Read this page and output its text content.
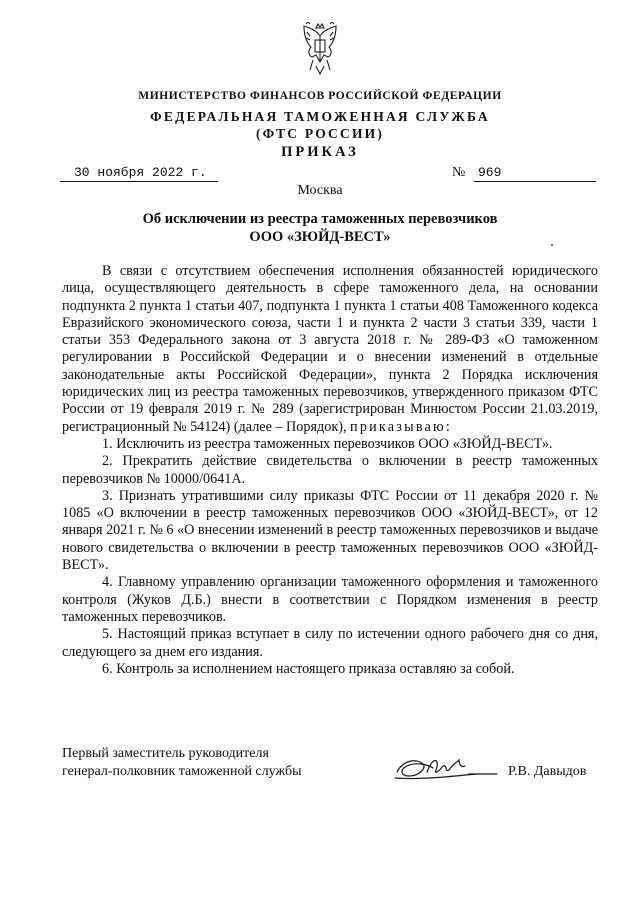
МИНИСТЕРСТВО ФИНАНСОВ РОССИЙСКОЙ ФЕДЕРАЦИИ
ФЕДЕРАЛЬНАЯ ТАМОЖЕННАЯ СЛУЖБА
(ФТС РОССИИ)
ПРИКАЗ
30 ноября 2022 г.	№ 969
Москва
Об исключении из реестра таможенных перевозчиков
ООО «ЗЮЙД-ВЕСТ»

В связи с отсутствием обеспечения исполнения обязанностей юридического лица, осуществляющего деятельность в сфере таможенного дела, на основании подпункта 2 пункта 1 статьи 407, подпункта 1 пункта 1 статьи 408 Таможенного кодекса Евразийского экономического союза, части 1 и пункта 2 части 3 статьи 339, части 1 статьи 353 Федерального закона от 3 августа 2018 г. № 289-ФЗ «О таможенном регулировании в Российской Федерации и о внесении изменений в отдельные законодательные акты Российской Федерации», пункта 2 Порядка исключения юридических лиц из реестра таможенных перевозчиков, утвержденного приказом ФТС России от 19 февраля 2019 г. № 289 (зарегистрирован Минюстом России 21.03.2019, регистрационный № 54124) (далее – Порядок), приказываю:

1. Исключить из реестра таможенных перевозчиков ООО «ЗЮЙД-ВЕСТ».

2. Прекратить действие свидетельства о включении в реестр таможенных перевозчиков № 10000/0641А.

3. Признать утратившими силу приказы ФТС России от 11 декабря 2020 г. № 1085 «О включении в реестр таможенных перевозчиков ООО «ЗЮЙД-ВЕСТ», от 12 января 2021 г. № 6 «О внесении изменений в реестр таможенных перевозчиков и выдаче нового свидетельства о включении в реестр таможенных перевозчиков ООО «ЗЮЙД-ВЕСТ».

4. Главному управлению организации таможенного оформления и таможенного контроля (Жуков Д.Б.) внести в соответствии с Порядком изменения в реестр таможенных перевозчиков.

5. Настоящий приказ вступает в силу по истечении одного рабочего дня со дня, следующего за днем его издания.

6. Контроль за исполнением настоящего приказа оставляю за собой.

Первый заместитель руководителя
генерал-полковник таможенной службы	Р.В. Давыдов
